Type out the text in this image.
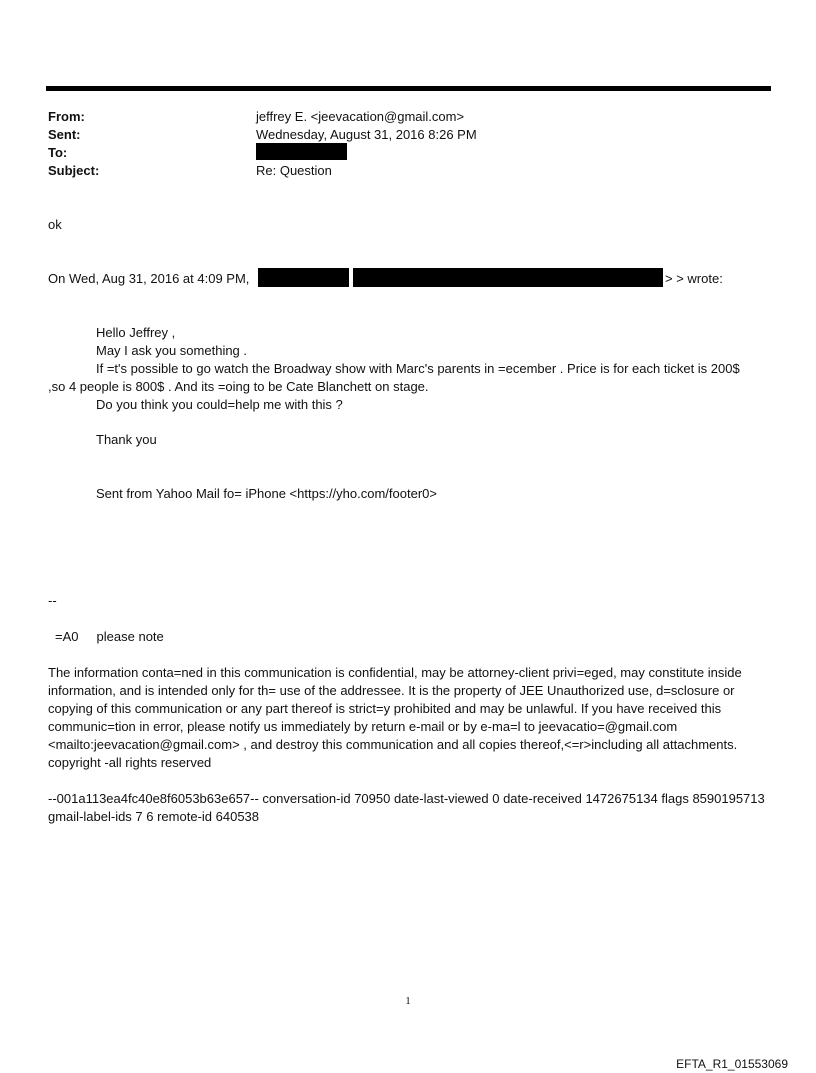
From:	jeffrey E. <jeevacation@gmail.com>
Sent:	Wednesday, August 31, 2016 8:26 PM
To:
Subject:	Re: Question
ok
On Wed, Aug 31, 2016 at 4:09 PM,	> > wrote:
Hello Jeffrey ,
May I ask you something .
If =t's possible to go watch the Broadway show with Marc's parents in =ecember . Price is for each ticket is 200$
,so 4 people is 800$ . And its =oing to be Cate Blanchett on stage.
Do you think you could=help me with this ?
Thank you
Sent from Yahoo Mail fo= iPhone <https://yho.com/footer0>
--
=A0     please note
The information conta=ned in this communication is confidential, may be attorney-client privi=eged, may constitute inside information, and is intended only for th= use of the addressee. It is the property of JEE Unauthorized use, d=sclosure or copying of this communication or any part thereof is strict=y prohibited and may be unlawful. If you have received this communic=tion in error, please notify us immediately by return e-mail or by e-ma=l to jeevacatio=@gmail.com <mailto:jeevacation@gmail.com> , and destroy this communication and all copies thereof,<=r>including all attachments. copyright -all rights reserved
--001a113ea4fc40e8f6053b63e657-- conversation-id 70950 date-last-viewed 0 date-received 1472675134 flags 8590195713 gmail-label-ids 7 6 remote-id 640538
1
EFTA_R1_01553069
